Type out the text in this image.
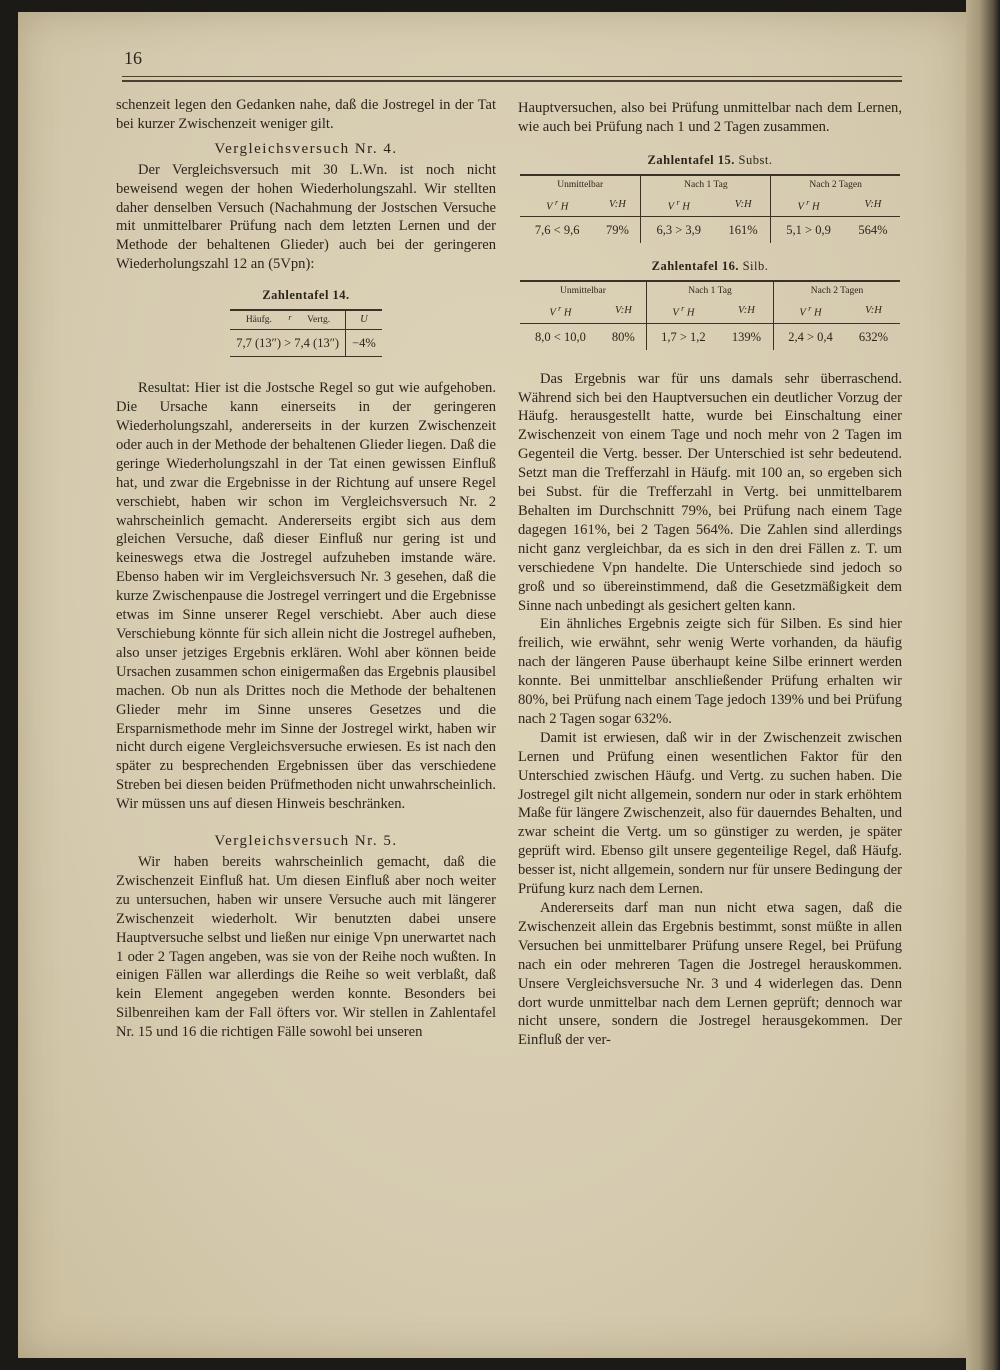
16

schenzeit legen den Gedanken nahe, daß die Jostregel in der Tat bei kurzer Zwischenzeit weniger gilt.

Vergleichsversuch Nr. 4.

Der Vergleichsversuch mit 30 L.Wn. ist noch nicht beweisend wegen der hohen Wiederholungszahl. Wir stellten daher denselben Versuch (Nachahmung der Jostschen Versuche mit unmittelbarer Prüfung nach dem letzten Lernen und der Methode der behaltenen Glieder) auch bei der geringeren Wiederholungszahl 12 an (5Vpn):

Zahlentafel 14.
Häufg.	$^r$	Vertg.	U
7,7 (13″) > 7,4 (13″)			−4%

Resultat: Hier ist die Jostsche Regel so gut wie aufgehoben. Die Ursache kann einerseits in der geringeren Wiederholungszahl, andererseits in der kurzen Zwischenzeit oder auch in der Methode der behaltenen Glieder liegen. Daß die geringe Wiederholungszahl in der Tat einen gewissen Einfluß hat, und zwar die Ergebnisse in der Richtung auf unsere Regel verschiebt, haben wir schon im Vergleichsversuch Nr. 2 wahrscheinlich gemacht. Andererseits ergibt sich aus dem gleichen Versuche, daß dieser Einfluß nur gering ist und keineswegs etwa die Jostregel aufzuheben imstande wäre. Ebenso haben wir im Vergleichsversuch Nr. 3 gesehen, daß die kurze Zwischenpause die Jostregel verringert und die Ergebnisse etwas im Sinne unserer Regel verschiebt. Aber auch diese Verschiebung könnte für sich allein nicht die Jostregel aufheben, also unser jetziges Ergebnis erklären. Wohl aber können beide Ursachen zusammen schon einigermaßen das Ergebnis plausibel machen. Ob nun als Drittes noch die Methode der behaltenen Glieder mehr im Sinne unseres Gesetzes und die Ersparnismethode mehr im Sinne der Jostregel wirkt, haben wir nicht durch eigene Vergleichsversuche erwiesen. Es ist nach den später zu besprechenden Ergebnissen über das verschiedene Streben bei diesen beiden Prüfmethoden nicht unwahrscheinlich. Wir müssen uns auf diesen Hinweis beschränken.

Vergleichsversuch Nr. 5.

Wir haben bereits wahrscheinlich gemacht, daß die Zwischenzeit Einfluß hat. Um diesen Einfluß aber noch weiter zu untersuchen, haben wir unsere Versuche auch mit längerer Zwischenzeit wiederholt. Wir benutzten dabei unsere Hauptversuche selbst und ließen nur einige Vpn unerwartet nach 1 oder 2 Tagen angeben, was sie von der Reihe noch wußten. In einigen Fällen war allerdings die Reihe so weit verblaßt, daß kein Element angegeben werden konnte. Besonders bei Silbenreihen kam der Fall öfters vor. Wir stellen in Zahlentafel Nr. 15 und 16 die richtigen Fälle sowohl bei unseren

Hauptversuchen, also bei Prüfung unmittelbar nach dem Lernen, wie auch bei Prüfung nach 1 und 2 Tagen zusammen.

Zahlentafel 15. Subst.
Unmittelbar		Nach 1 Tag		Nach 2 Tagen	
V $^r$ H	V:H	V $^r$ H	V:H	V $^r$ H	V:H
7,6 < 9,6	79%	6,3 > 3,9	161%	5,1 > 0,9	564%
Zahlentafel 16. Silb.
Unmittelbar		Nach 1 Tag		Nach 2 Tagen	
V $^r$ H	V:H	V $^r$ H	V:H	V $^r$ H	V:H
8,0 < 10,0	80%	1,7 > 1,2	139%	2,4 > 0,4	632%

Das Ergebnis war für uns damals sehr überraschend. Während sich bei den Hauptversuchen ein deutlicher Vorzug der Häufg. herausgestellt hatte, wurde bei Einschaltung einer Zwischenzeit von einem Tage und noch mehr von 2 Tagen im Gegenteil die Vertg. besser. Der Unterschied ist sehr bedeutend. Setzt man die Trefferzahl in Häufg. mit 100 an, so ergeben sich bei Subst. für die Trefferzahl in Vertg. bei unmittelbarem Behalten im Durchschnitt 79%, bei Prüfung nach einem Tage dagegen 161%, bei 2 Tagen 564%. Die Zahlen sind allerdings nicht ganz vergleichbar, da es sich in den drei Fällen z. T. um verschiedene Vpn handelte. Die Unterschiede sind jedoch so groß und so übereinstimmend, daß die Gesetzmäßigkeit dem Sinne nach unbedingt als gesichert gelten kann.

Ein ähnliches Ergebnis zeigte sich für Silben. Es sind hier freilich, wie erwähnt, sehr wenig Werte vorhanden, da häufig nach der längeren Pause überhaupt keine Silbe erinnert werden konnte. Bei unmittelbar anschließender Prüfung erhalten wir 80%, bei Prüfung nach einem Tage jedoch 139% und bei Prüfung nach 2 Tagen sogar 632%.

Damit ist erwiesen, daß wir in der Zwischenzeit zwischen Lernen und Prüfung einen wesentlichen Faktor für den Unterschied zwischen Häufg. und Vertg. zu suchen haben. Die Jostregel gilt nicht allgemein, sondern nur oder in stark erhöhtem Maße für längere Zwischenzeit, also für dauerndes Behalten, und zwar scheint die Vertg. um so günstiger zu werden, je später geprüft wird. Ebenso gilt unsere gegenteilige Regel, daß Häufg. besser ist, nicht allgemein, sondern nur für unsere Bedingung der Prüfung kurz nach dem Lernen.

Andererseits darf man nun nicht etwa sagen, daß die Zwischenzeit allein das Ergebnis bestimmt, sonst müßte in allen Versuchen bei unmittelbarer Prüfung unsere Regel, bei Prüfung nach ein oder mehreren Tagen die Jostregel herauskommen. Unsere Vergleichsversuche Nr. 3 und 4 widerlegen das. Denn dort wurde unmittelbar nach dem Lernen geprüft; dennoch war nicht unsere, sondern die Jostregel herausgekommen. Der Einfluß der ver-
